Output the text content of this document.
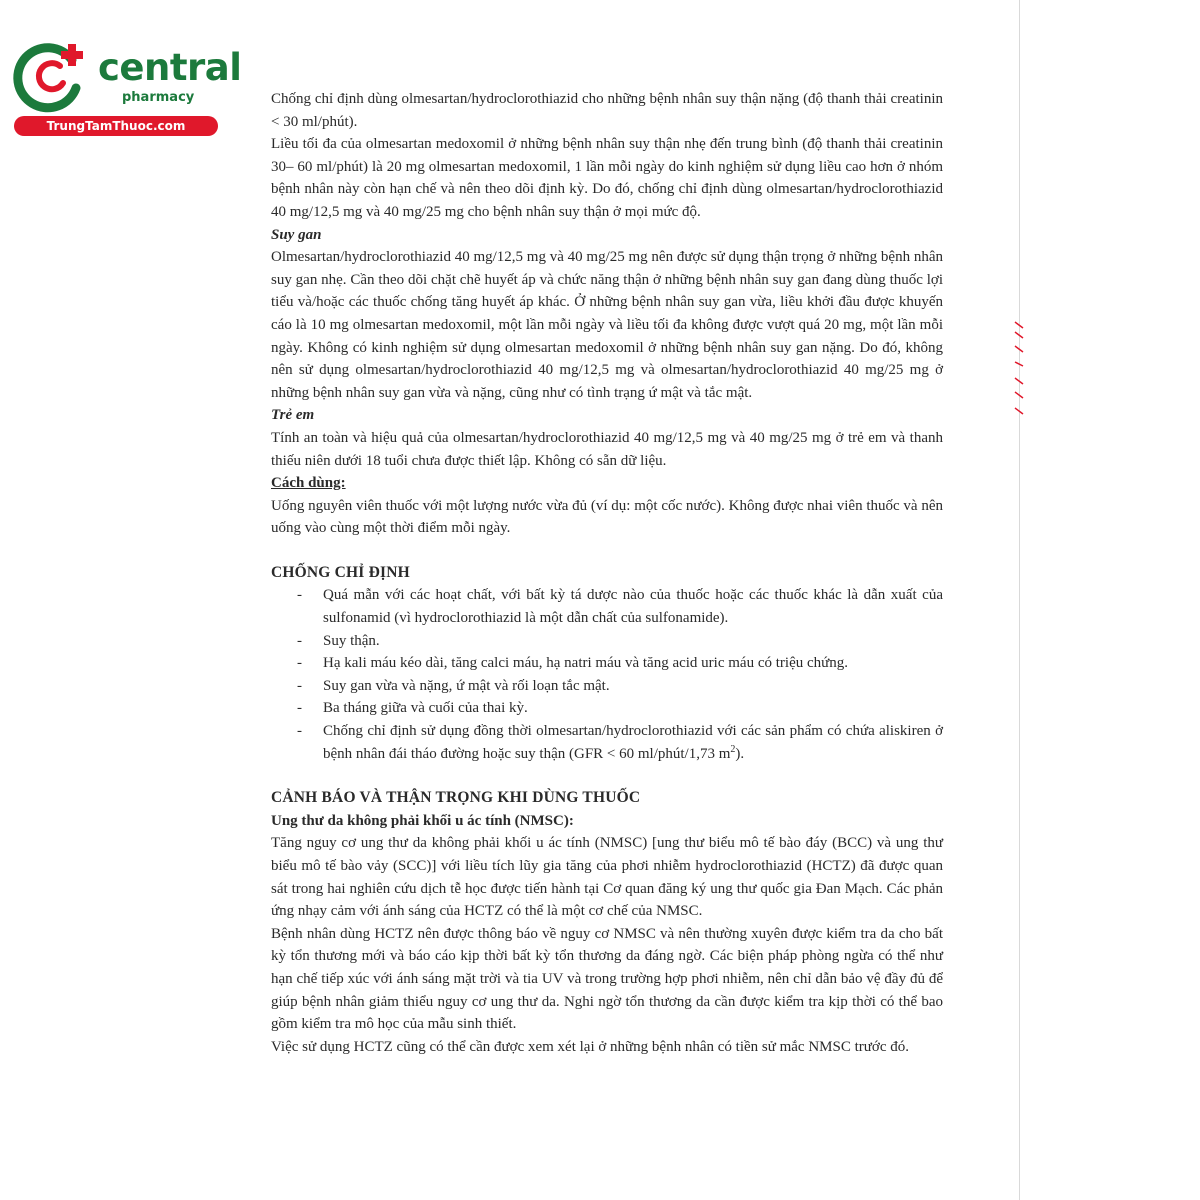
central
pharmacy
TrungTamThuoc.com

Chống chỉ định dùng olmesartan/hydroclorothiazid cho những bệnh nhân suy thận nặng (độ thanh thải creatinin < 30 ml/phút).

Liều tối đa của olmesartan medoxomil ở những bệnh nhân suy thận nhẹ đến trung bình (độ thanh thải creatinin 30– 60 ml/phút) là 20 mg olmesartan medoxomil, 1 lần mỗi ngày do kinh nghiệm sử dụng liều cao hơn ở nhóm bệnh nhân này còn hạn chế và nên theo dõi định kỳ. Do đó, chống chỉ định dùng olmesartan/hydroclorothiazid 40 mg/12,5 mg và 40 mg/25 mg cho bệnh nhân suy thận ở mọi mức độ.

Suy gan

Olmesartan/hydroclorothiazid 40 mg/12,5 mg và 40 mg/25 mg nên được sử dụng thận trọng ở những bệnh nhân suy gan nhẹ. Cần theo dõi chặt chẽ huyết áp và chức năng thận ở những bệnh nhân suy gan đang dùng thuốc lợi tiểu và/hoặc các thuốc chống tăng huyết áp khác. Ở những bệnh nhân suy gan vừa, liều khởi đầu được khuyến cáo là 10 mg olmesartan medoxomil, một lần mỗi ngày và liều tối đa không được vượt quá 20 mg, một lần mỗi ngày. Không có kinh nghiệm sử dụng olmesartan medoxomil ở những bệnh nhân suy gan nặng. Do đó, không nên sử dụng olmesartan/hydroclorothiazid 40 mg/12,5 mg và olmesartan/hydroclorothiazid 40 mg/25 mg ở những bệnh nhân suy gan vừa và nặng, cũng như có tình trạng ứ mật và tắc mật.

Trẻ em

Tính an toàn và hiệu quả của olmesartan/hydroclorothiazid 40 mg/12,5 mg và 40 mg/25 mg ở trẻ em và thanh thiếu niên dưới 18 tuổi chưa được thiết lập. Không có sẵn dữ liệu.

Cách dùng:

Uống nguyên viên thuốc với một lượng nước vừa đủ (ví dụ: một cốc nước). Không được nhai viên thuốc và nên uống vào cùng một thời điểm mỗi ngày.

CHỐNG CHỈ ĐỊNH

- Quá mẫn với các hoạt chất, với bất kỳ tá dược nào của thuốc hoặc các thuốc khác là dẫn xuất của sulfonamid (vì hydroclorothiazid là một dẫn chất của sulfonamide).
- Suy thận.
- Hạ kali máu kéo dài, tăng calci máu, hạ natri máu và tăng acid uric máu có triệu chứng.
- Suy gan vừa và nặng, ứ mật và rối loạn tắc mật.
- Ba tháng giữa và cuối của thai kỳ.
- Chống chỉ định sử dụng đồng thời olmesartan/hydroclorothiazid với các sản phẩm có chứa aliskiren ở bệnh nhân đái tháo đường hoặc suy thận (GFR < 60 ml/phút/1,73 $m^2$).

CẢNH BÁO VÀ THẬN TRỌNG KHI DÙNG THUỐC

Ung thư da không phải khối u ác tính (NMSC):

Tăng nguy cơ ung thư da không phải khối u ác tính (NMSC) [ung thư biểu mô tế bào đáy (BCC) và ung thư biểu mô tế bào vảy (SCC)] với liều tích lũy gia tăng của phơi nhiễm hydroclorothiazid (HCTZ) đã được quan sát trong hai nghiên cứu dịch tễ học được tiến hành tại Cơ quan đăng ký ung thư quốc gia Đan Mạch. Các phản ứng nhạy cảm với ánh sáng của HCTZ có thể là một cơ chế của NMSC.

Bệnh nhân dùng HCTZ nên được thông báo về nguy cơ NMSC và nên thường xuyên được kiểm tra da cho bất kỳ tổn thương mới và báo cáo kịp thời bất kỳ tổn thương da đáng ngờ. Các biện pháp phòng ngừa có thể như hạn chế tiếp xúc với ánh sáng mặt trời và tia UV và trong trường hợp phơi nhiễm, nên chỉ dẫn bảo vệ đầy đủ để giúp bệnh nhân giảm thiểu nguy cơ ung thư da. Nghi ngờ tổn thương da cần được kiểm tra kịp thời có thể bao gồm kiểm tra mô học của mẫu sinh thiết.

Việc sử dụng HCTZ cũng có thể cần được xem xét lại ở những bệnh nhân có tiền sử mắc NMSC trước đó.
